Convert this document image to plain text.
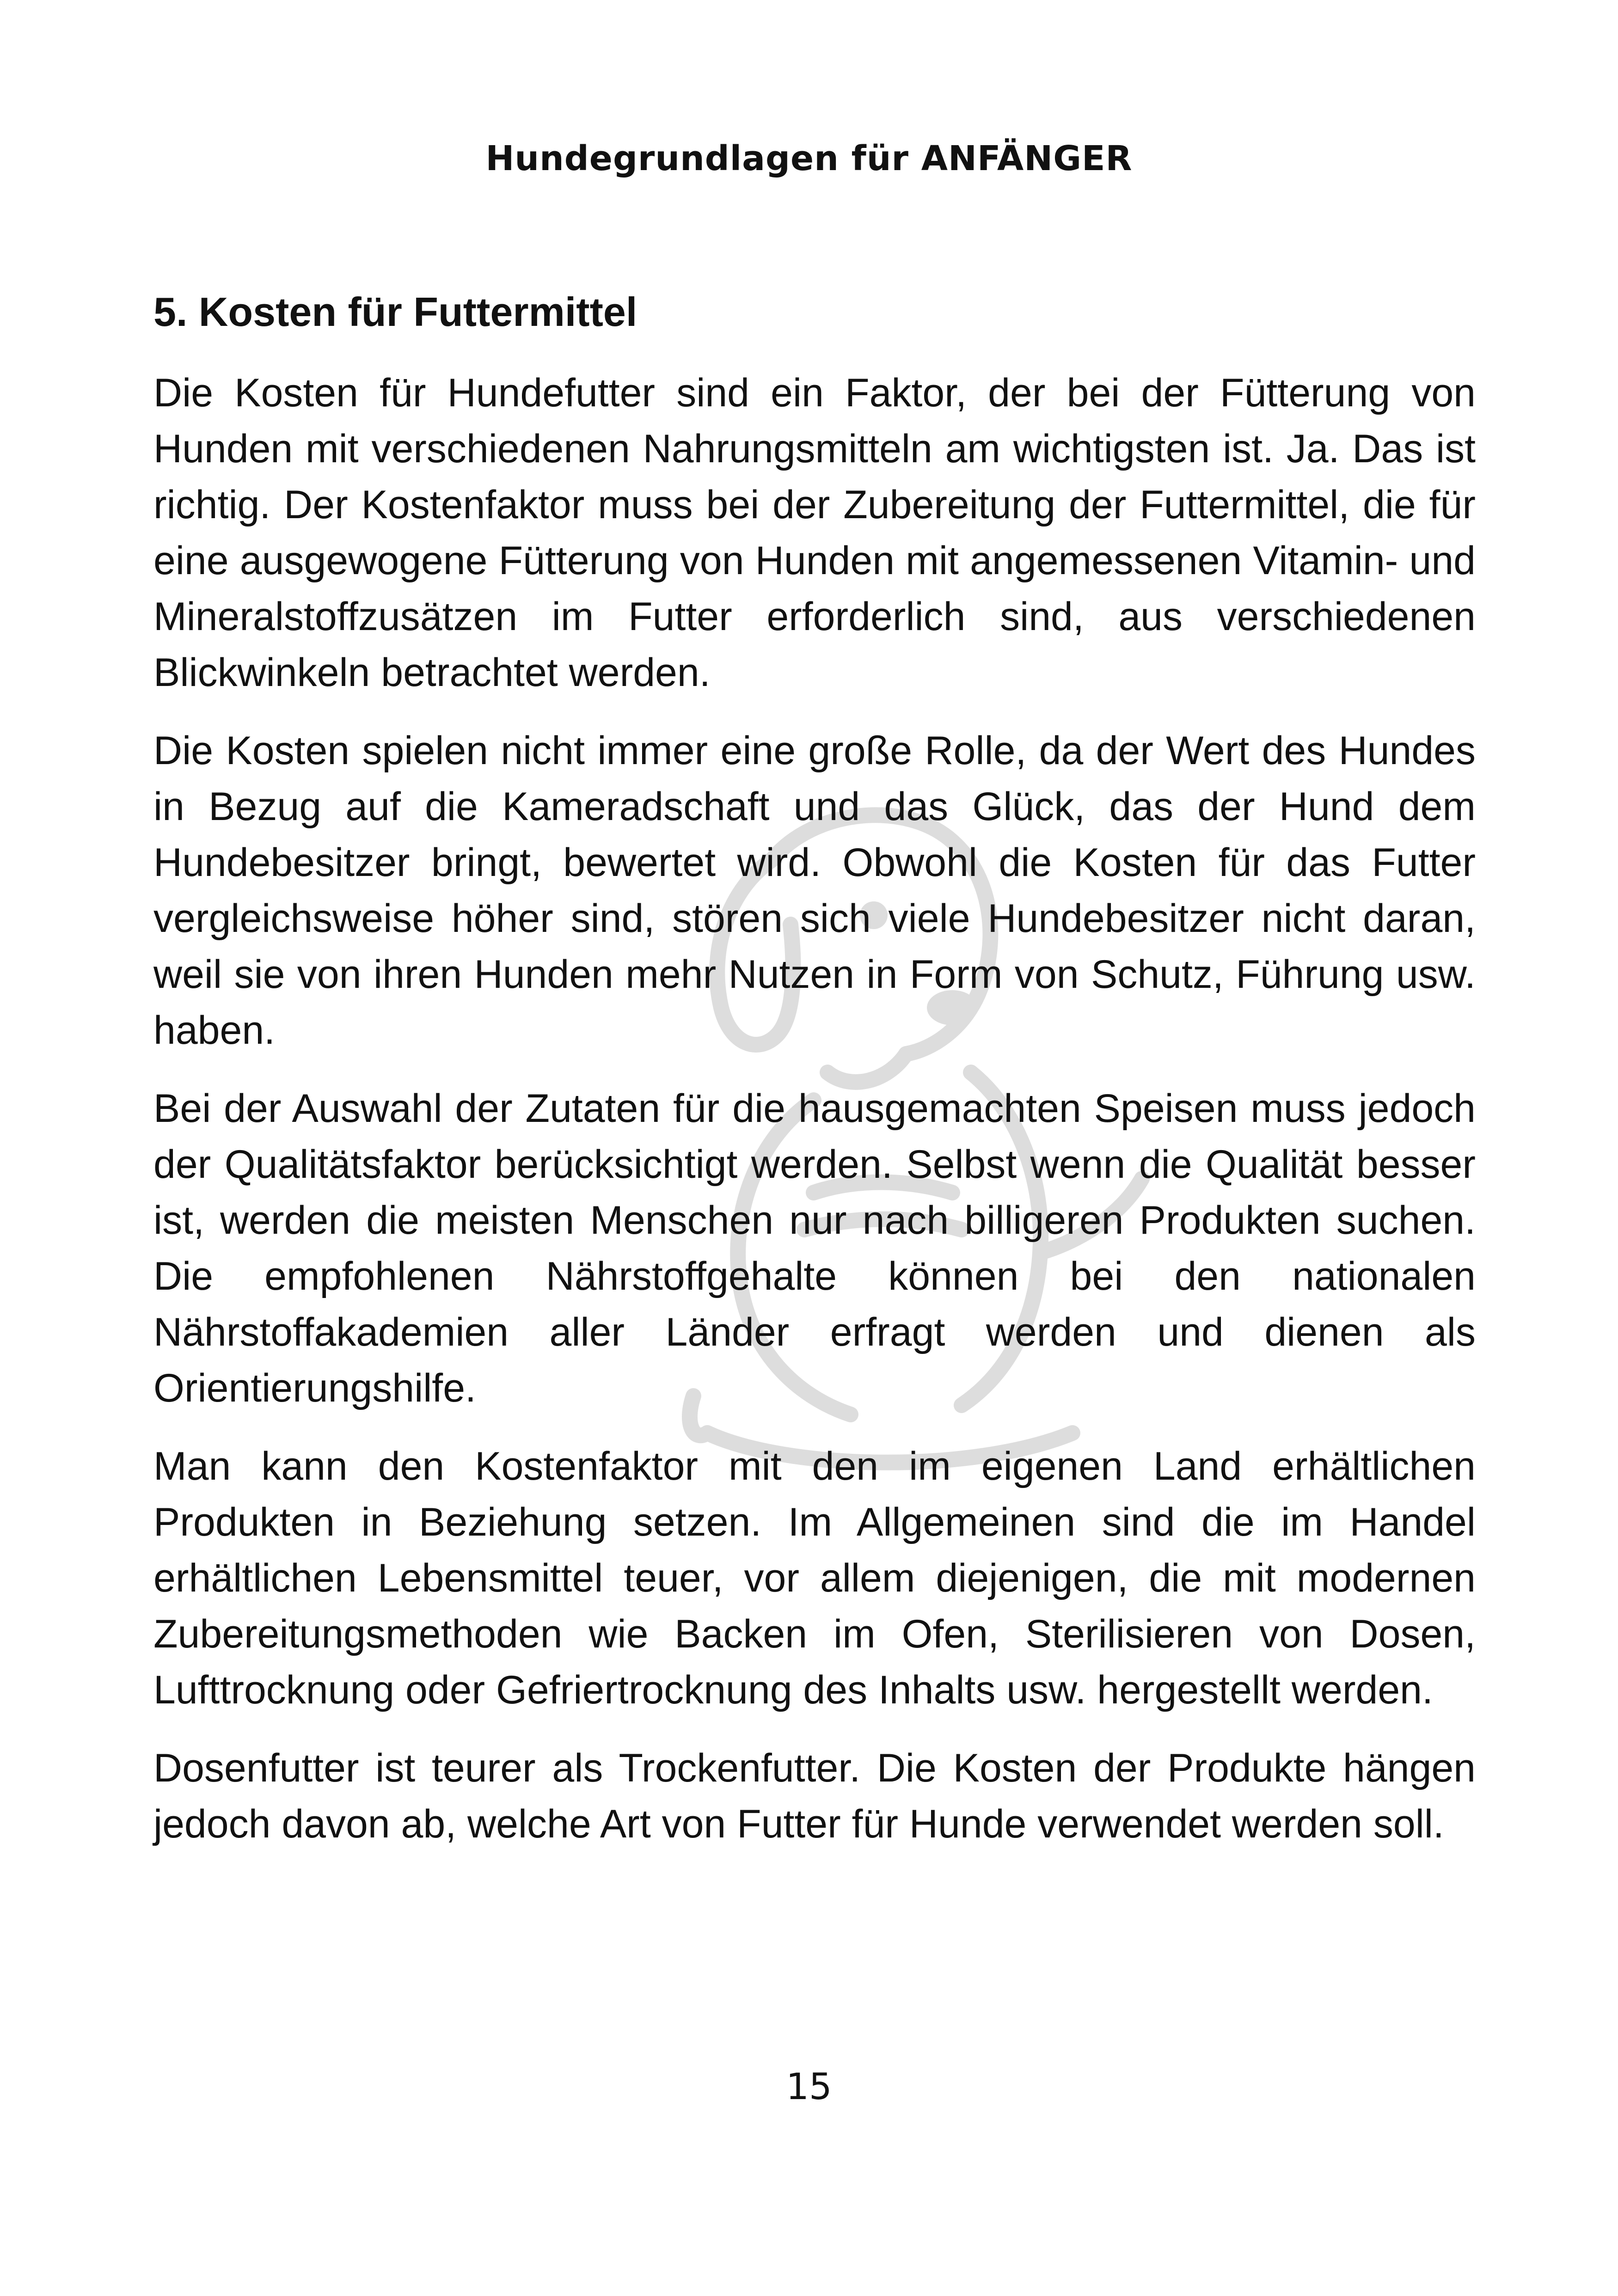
Hundegrundlagen für ANFÄNGER
5. Kosten für Futtermittel

Die Kosten für Hundefutter sind ein Faktor, der bei der Fütterung von Hunden mit verschiedenen Nahrungsmitteln am wichtigsten ist. Ja. Das ist richtig. Der Kostenfaktor muss bei der Zubereitung der Futtermittel, die für eine ausgewogene Fütterung von Hunden mit angemessenen Vitamin- und Mineralstoffzusätzen im Futter erforderlich sind, aus verschiedenen Blickwinkeln betrachtet werden.

Die Kosten spielen nicht immer eine große Rolle, da der Wert des Hundes in Bezug auf die Kameradschaft und das Glück, das der Hund dem Hundebesitzer bringt, bewertet wird. Obwohl die Kosten für das Futter vergleichsweise höher sind, stören sich viele Hundebesitzer nicht daran, weil sie von ihren Hunden mehr Nutzen in Form von Schutz, Führung usw. haben.

Bei der Auswahl der Zutaten für die hausgemachten Speisen muss jedoch der Qualitätsfaktor berücksichtigt werden. Selbst wenn die Qualität besser ist, werden die meisten Menschen nur nach billigeren Produkten suchen. Die empfohlenen Nährstoffgehalte können bei den nationalen Nährstoffakademien aller Länder erfragt werden und dienen als Orientierungshilfe.

Man kann den Kostenfaktor mit den im eigenen Land erhältlichen Produkten in Beziehung setzen. Im Allgemeinen sind die im Handel erhältlichen Lebensmittel teuer, vor allem diejenigen, die mit modernen Zubereitungsmethoden wie Backen im Ofen, Sterilisieren von Dosen, Lufttrocknung oder Gefriertrocknung des Inhalts usw. hergestellt werden.

Dosenfutter ist teurer als Trockenfutter. Die Kosten der Produkte hängen jedoch davon ab, welche Art von Futter für Hunde verwendet werden soll.

15
